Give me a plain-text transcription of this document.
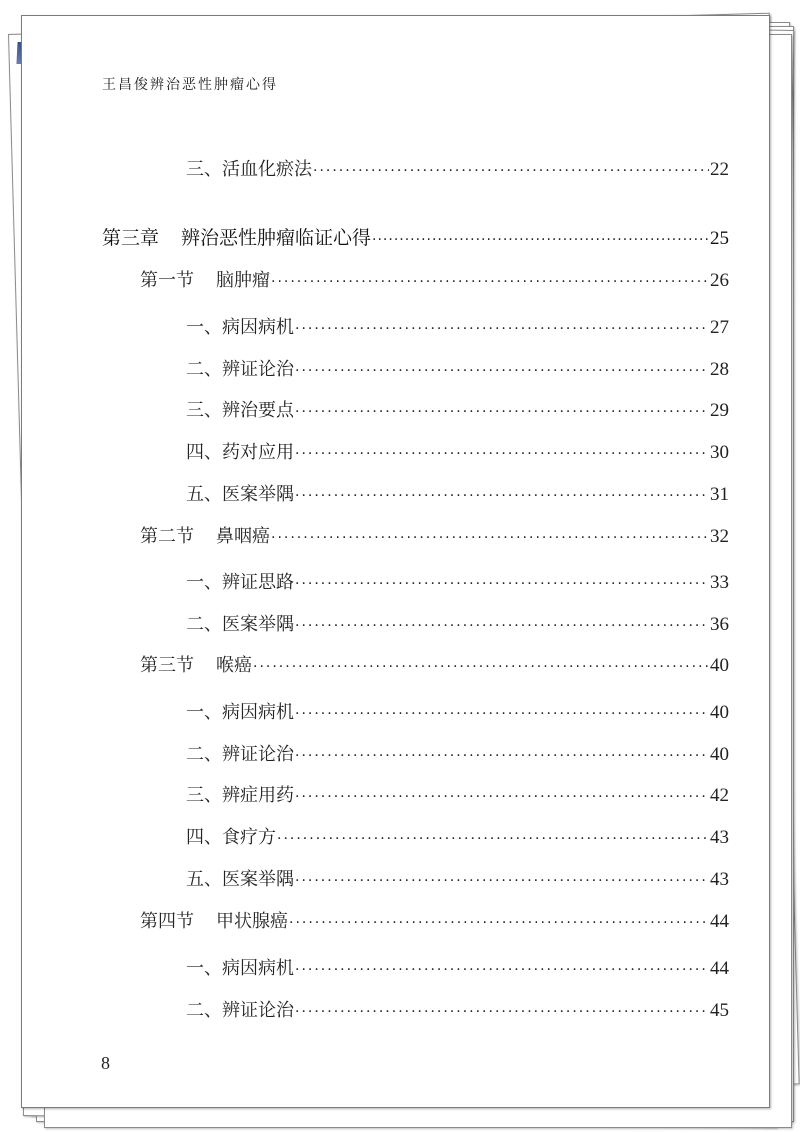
王昌俊辨治恶性肿瘤心得
三、活血化瘀法 ·····	22
第三章 辨治恶性肿瘤临证心得 ·····	25
第一节 脑肿瘤 ·····	26
一、病因病机 ·····	27
二、辨证论治 ·····	28
三、辨治要点 ·····	29
四、药对应用 ·····	30
五、医案举隅 ·····	31
第二节 鼻咽癌 ·····	32
一、辨证思路 ·····	33
二、医案举隅 ·····	36
第三节 喉癌 ·····	40
一、病因病机 ·····	40
二、辨证论治 ·····	40
三、辨症用药 ·····	42
四、食疗方 ·····	43
五、医案举隅 ·····	43
第四节 甲状腺癌 ·····	44
一、病因病机 ·····	44
二、辨证论治 ·····	45
8
